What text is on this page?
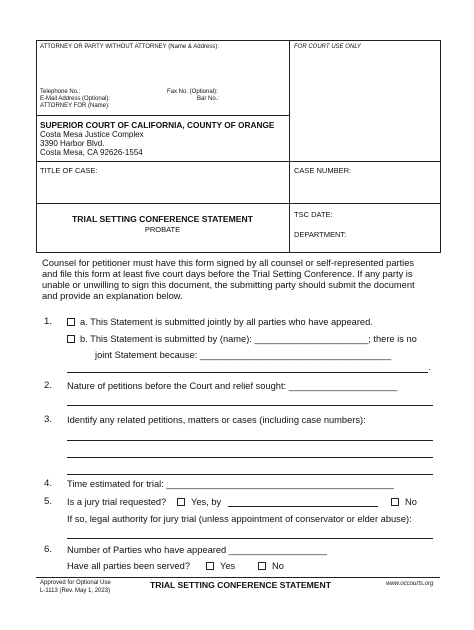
ATTORNEY OR PARTY WITHOUT ATTORNEY (Name & Address):	FOR COURT USE ONLY
Telephone No.:	Fax No. (Optional):
E-Mail Address (Optional):	Bar No.:
ATTORNEY FOR (Name):
SUPERIOR COURT OF CALIFORNIA, COUNTY OF ORANGE
Costa Mesa Justice Complex
3390 Harbor Blvd.
Costa Mesa, CA 92626-1554
TITLE OF CASE:	CASE NUMBER:
TRIAL SETTING CONFERENCE STATEMENT
PROBATE
TSC DATE:
DEPARTMENT:
Counsel for petitioner must have this form signed by all counsel or self-represented parties
and file this form at least five court days before the Trial Setting Conference. If any party is
unable or unwilling to sign this document, the submitting party should submit the document
and provide an explanation below.
1.	a. This Statement is submitted jointly by all parties who have appeared.
b. This Statement is submitted by (name): ______________________; there is no
joint Statement because: _____________________________________
.
2. Nature of petitions before the Court and relief sought: _____________________
3. Identify any related petitions, matters or cases (including case numbers):
4. Time estimated for trial: ____________________________________________
5. Is a jury trial requested?	Yes, by	No
If so, legal authority for jury trial (unless appointment of conservator or elder abuse):
6. Number of Parties who have appeared ___________________
Have all parties been served?	Yes	No
Approved for Optional Use
L-1113 (Rev. May 1, 2023)
TRIAL SETTING CONFERENCE STATEMENT	www.occourts.org
